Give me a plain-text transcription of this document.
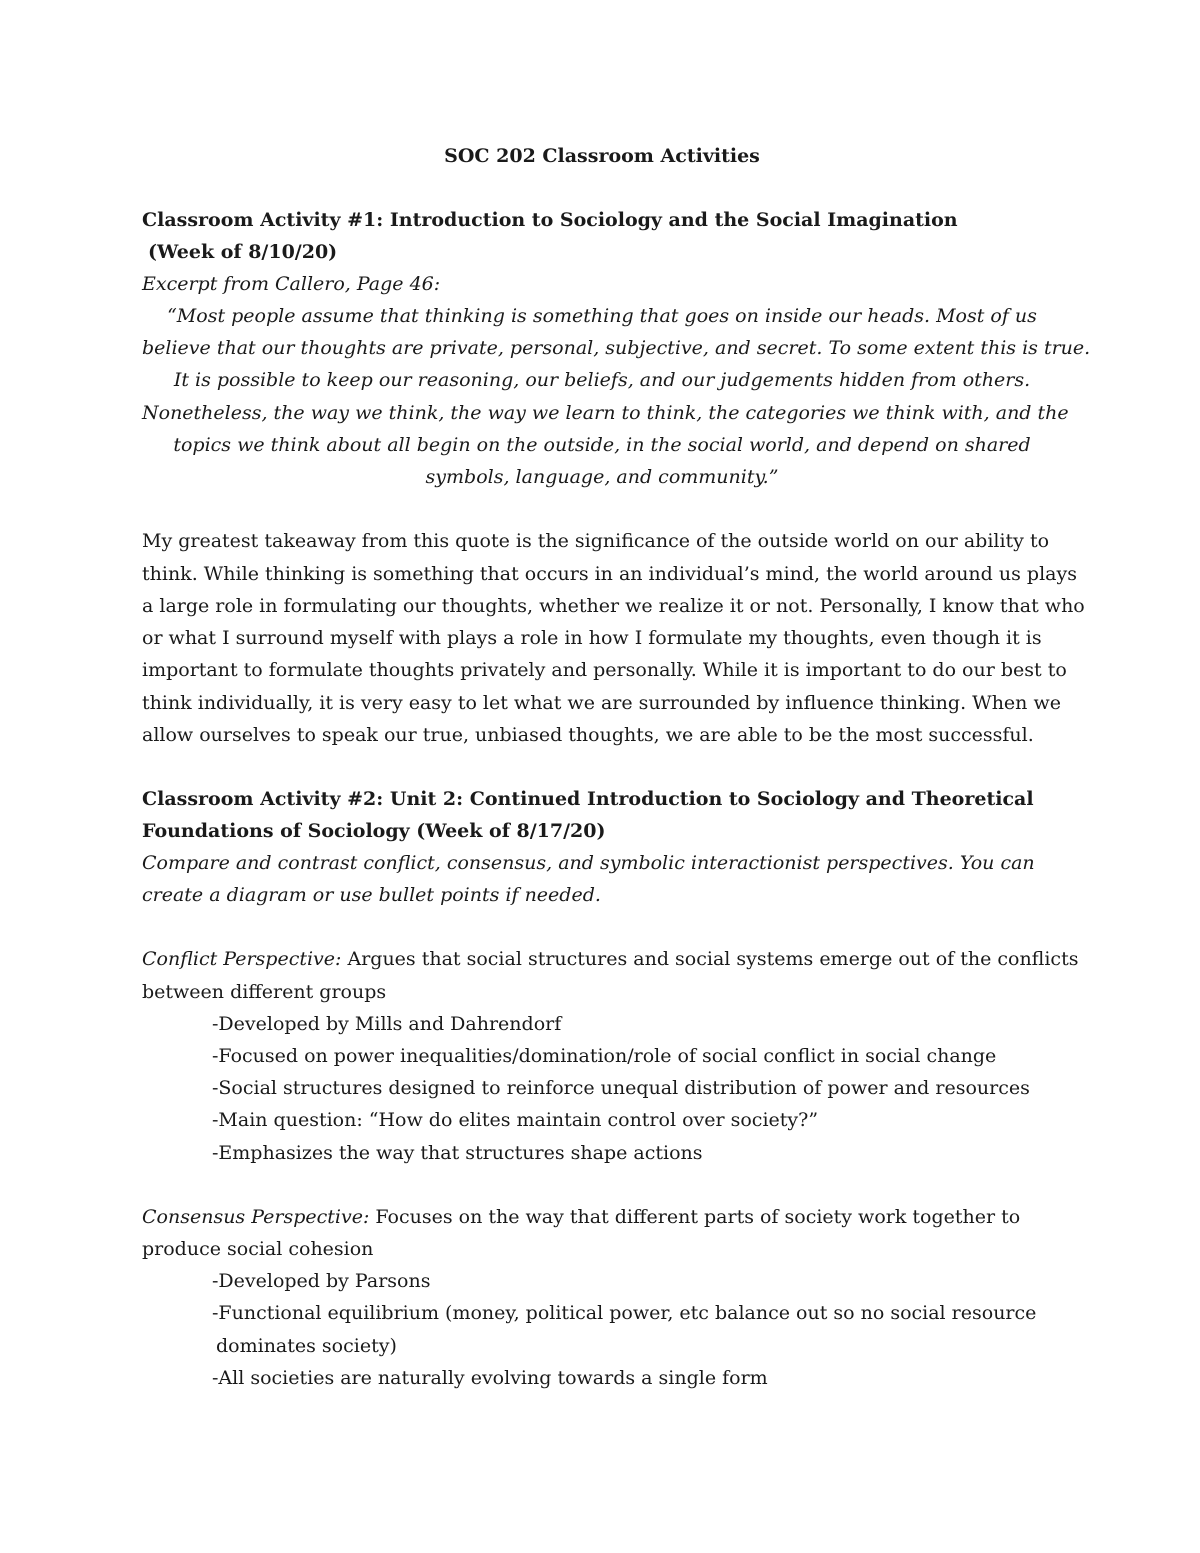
SOC 202 Classroom Activities

Classroom Activity #1: Introduction to Sociology and the Social Imagination

(Week of 8/10/20)

Excerpt from Callero, Page 46:

“Most people assume that thinking is something that goes on inside our heads. Most of us
believe that our thoughts are private, personal, subjective, and secret. To some extent this is true.
It is possible to keep our reasoning, our beliefs, and our judgements hidden from others.
Nonetheless, the way we think, the way we learn to think, the categories we think with, and the
topics we think about all begin on the outside, in the social world, and depend on shared
symbols, language, and community.”

My greatest takeaway from this quote is the significance of the outside world on our ability to
think. While thinking is something that occurs in an individual’s mind, the world around us plays
a large role in formulating our thoughts, whether we realize it or not. Personally, I know that who
or what I surround myself with plays a role in how I formulate my thoughts, even though it is
important to formulate thoughts privately and personally. While it is important to do our best to
think individually, it is very easy to let what we are surrounded by influence thinking. When we
allow ourselves to speak our true, unbiased thoughts, we are able to be the most successful.

Classroom Activity #2: Unit 2: Continued Introduction to Sociology and Theoretical

Foundations of Sociology (Week of 8/17/20)

Compare and contrast conflict, consensus, and symbolic interactionist perspectives. You can

create a diagram or use bullet points if needed.

Conflict Perspective: Argues that social structures and social systems emerge out of the conflicts
between different groups

-Developed by Mills and Dahrendorf
-Focused on power inequalities/domination/role of social conflict in social change
-Social structures designed to reinforce unequal distribution of power and resources
-Main question: “How do elites maintain control over society?”
-Emphasizes the way that structures shape actions

Consensus Perspective: Focuses on the way that different parts of society work together to
produce social cohesion

-Developed by Parsons
-Functional equilibrium (money, political power, etc balance out so no social resource
dominates society)
-All societies are naturally evolving towards a single form
